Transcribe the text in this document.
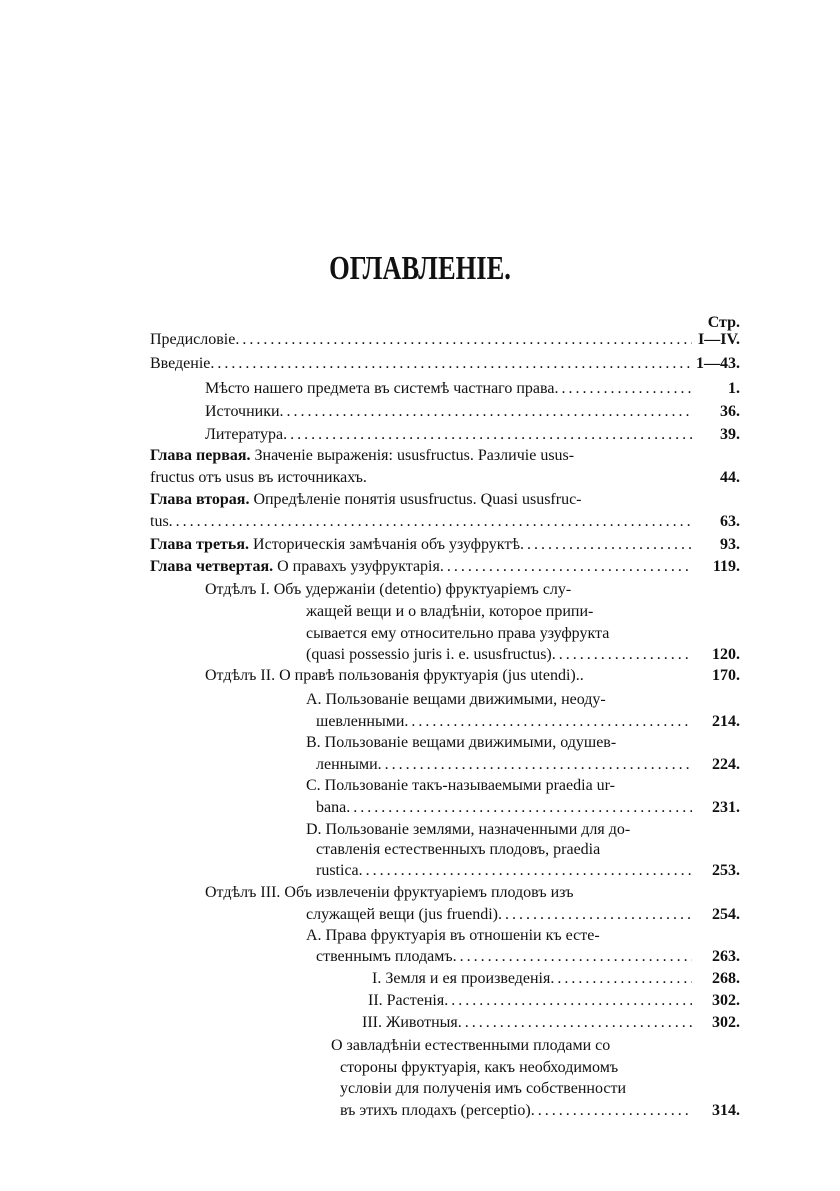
ОГЛАВЛЕНІЕ.
Стр.
Предисловіе .....	I—IV.
Введеніе .....	1—43.
Мѣсто нашего предмета въ системѣ частнаго права .....	1.
Источники .....	36.
Литература .....	39.
Глава первая. Значеніе выраженія: ususfructus. Различіе usus-
fructus отъ usus въ источникахъ.	44.
Глава вторая. Опредѣленіе понятія ususfructus. Quasi ususfruc-
tus .....	63.
Глава третья. Историческія замѣчанія объ узуфруктѣ .....	93.
Глава четвертая. О правахъ узуфруктарія .....	119.
Отдѣлъ I. Объ удержаніи (detentio) фруктуаріемъ слу-
жащей вещи и о владѣніи, которое припи-
сывается ему относительно права узуфрукта
(quasi possessio juris i. e. ususfructus) .....	120.
Отдѣлъ II. О правѣ пользованія фруктуарія (jus utendi)..	170.
A. Пользованіе вещами движимыми, неоду-
шевленными .....	214.
B. Пользованіе вещами движимыми, одушев-
ленными .....	224.
C. Пользованіе такъ-называемыми praedia ur-
bana .....	231.
D. Пользованіе землями, назначенными для до-
ставленія естественныхъ плодовъ, praedia
rustica .....	253.
Отдѣлъ III. Объ извлеченіи фруктуаріемъ плодовъ изъ
служащей вещи (jus fruendi) .....	254.
A. Права фруктуарія въ отношеніи къ есте-
ственнымъ плодамъ .....	263.
I. Земля и ея произведенія .....	268.
II. Растенія .....	302.
III. Животныя .....	302.
О завладѣніи естественными плодами со
стороны фруктуарія, какъ необходимомъ
условіи для полученія имъ собственности
въ этихъ плодахъ (perceptio) .....	314.
